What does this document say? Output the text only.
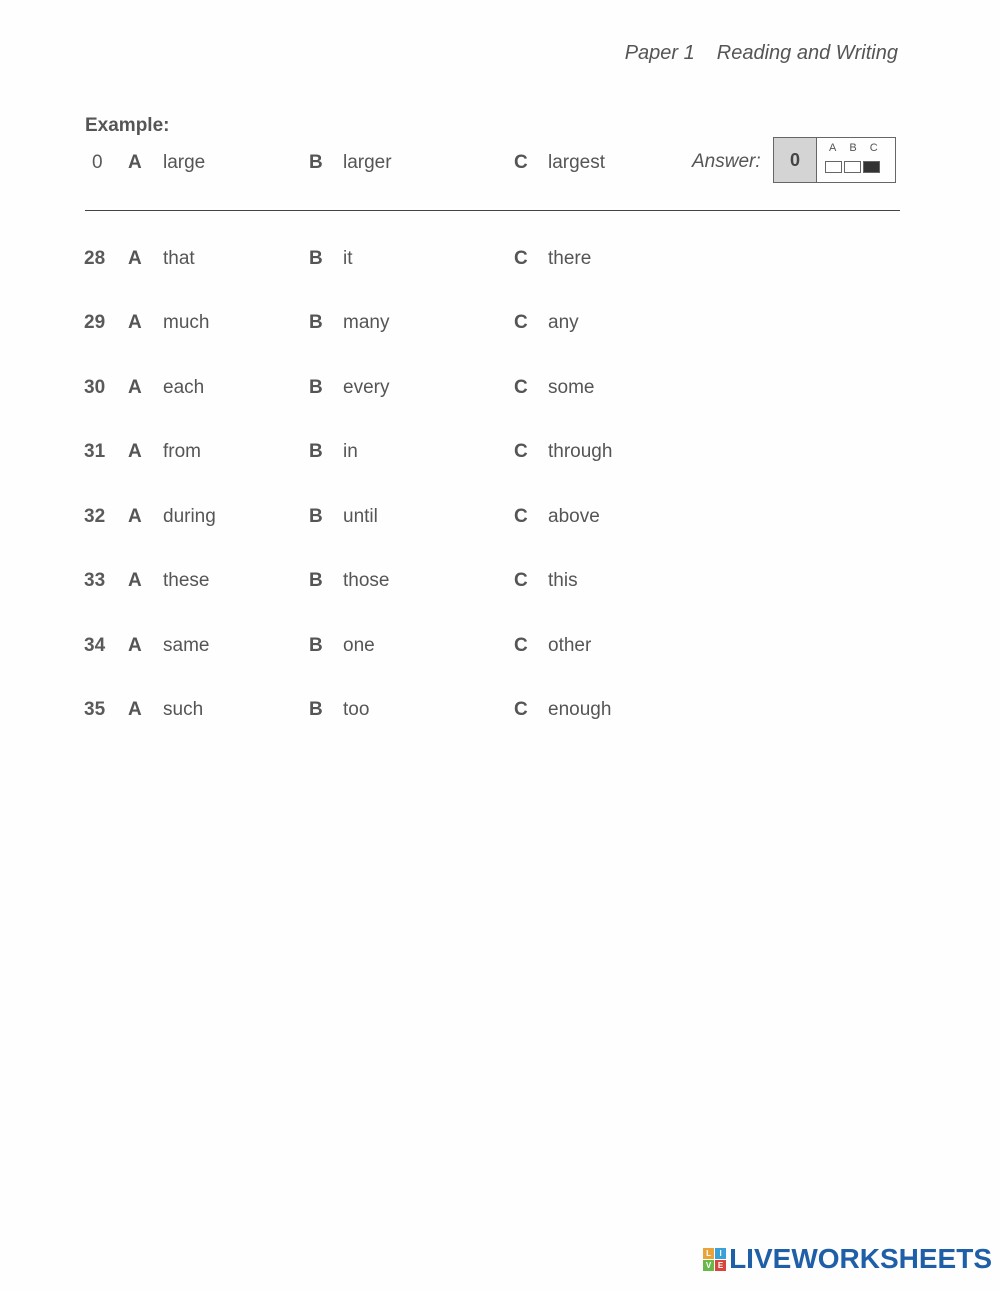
Paper 1 Reading and Writing
Example:
0	A large	B larger	C largest	Answer:	0
A B C
28	A that	B it	C there
29	A much	B many	C any
30	A each	B every	C some
31	A from	B in	C through
32	A during	B until	C above
33	A these	B those	C this
34	A same	B one	C other
35	A such	B too	C enough
L	I
V E LIVEWORKSHEETS
